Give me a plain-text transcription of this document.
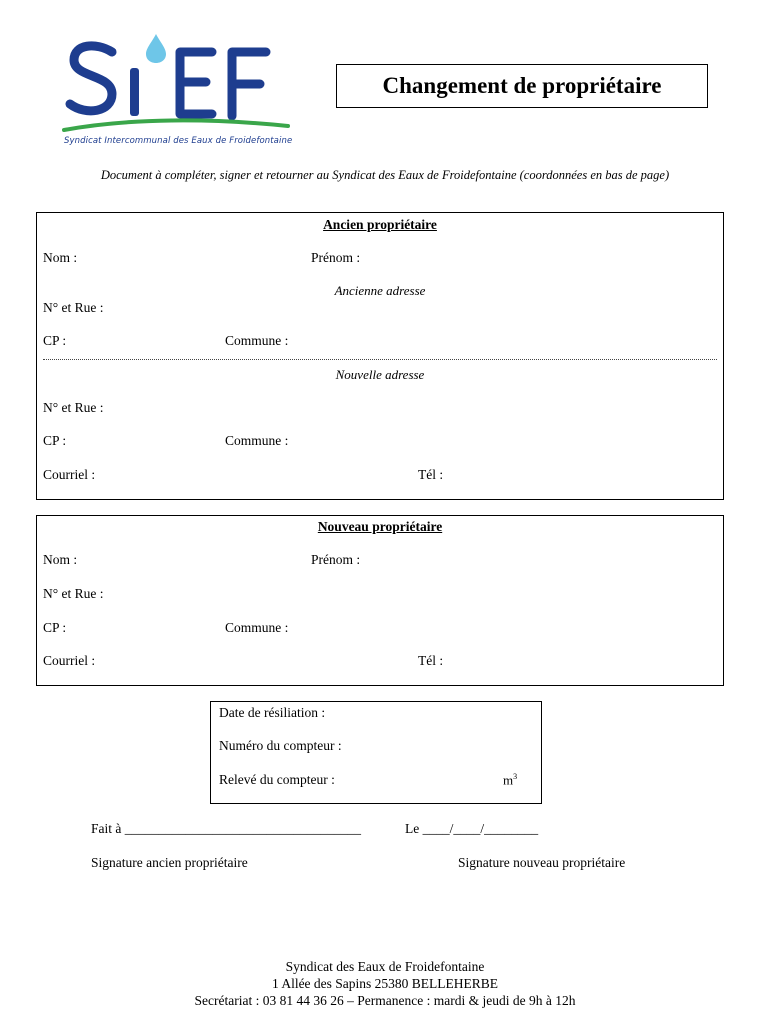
Syndicat Intercommunal des Eaux de Froidefontaine
Changement de propriétaire
Document à compléter, signer et retourner au Syndicat des Eaux de Froidefontaine (coordonnées en bas de page)
Ancien propriétaire
Nom :	Prénom :
Ancienne adresse
N° et Rue :
CP :	Commune :
Nouvelle adresse
N° et Rue :
CP :	Commune :
Courriel :	Tél :
Nouveau propriétaire
Nom :	Prénom :
N° et Rue :
CP :	Commune :
Courriel :	Tél :
Date de résiliation :
Numéro du compteur :
Relevé du compteur :	$m^3$
Fait à ___________________________________	Le ____/____/________
Signature ancien propriétaire	Signature nouveau propriétaire
Syndicat des Eaux de Froidefontaine
1 Allée des Sapins 25380 BELLEHERBE
Secrétariat : 03 81 44 36 26 – Permanence : mardi & jeudi de 9h à 12h
